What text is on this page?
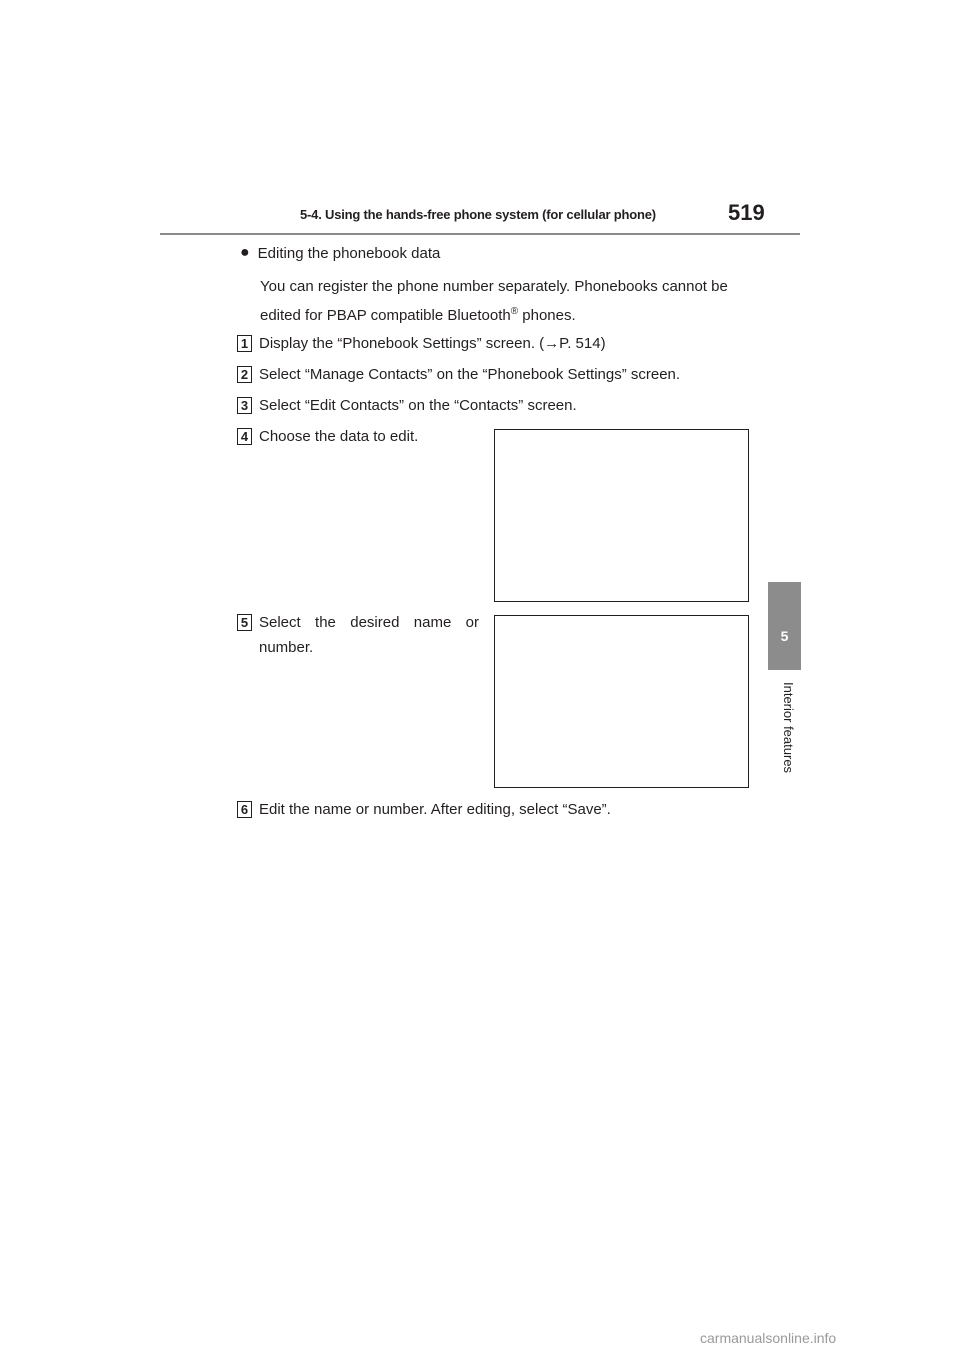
5-4. Using the hands-free phone system (for cellular phone)	519
5
Interior features
● Editing the phonebook data
You can register the phone number separately. Phonebooks cannot be edited for PBAP compatible Bluetooth® phones.
1 Display the “Phonebook Settings” screen. (→P. 514)
2 Select “Manage Contacts” on the “Phonebook Settings” screen.
3 Select “Edit Contacts” on the “Contacts” screen.
4 Choose the data to edit.
5 Select the desired name or number.
6 Edit the name or number. After editing, select “Save”.
carmanualsonline.info
